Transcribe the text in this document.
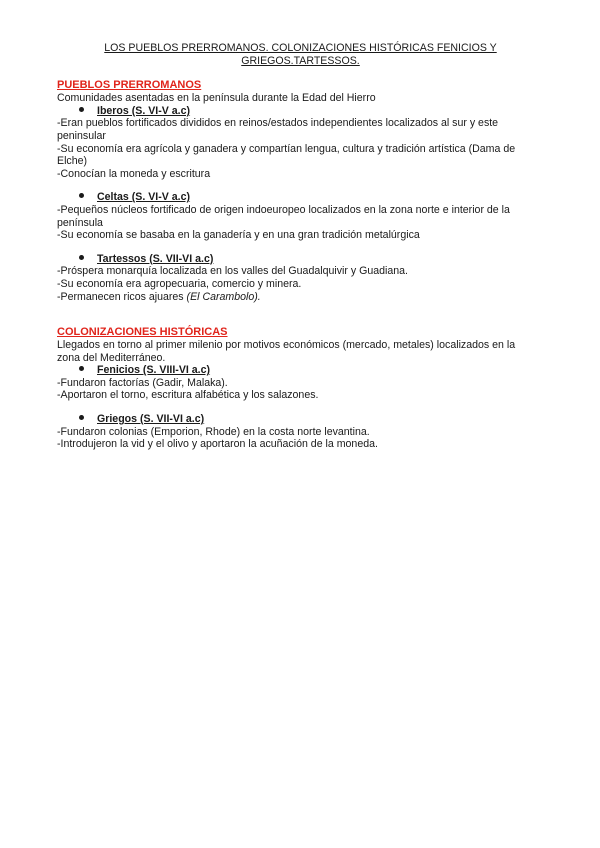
LOS PUEBLOS PRERROMANOS. COLONIZACIONES HISTÓRICAS FENICIOS Y
GRIEGOS.TARTESSOS.
PUEBLOS PRERROMANOS
Comunidades asentadas en la península durante la Edad del Hierro
Iberos (S. VI-V a.c)
-Eran pueblos fortificados divididos en reinos/estados independientes localizados al sur y este
peninsular
-Su economía era agrícola y ganadera y compartían lengua, cultura y tradición artística (Dama de
Elche)
-Conocían la moneda y escritura
Celtas (S. VI-V a.c)
-Pequeños núcleos fortificado de origen indoeuropeo localizados en la zona norte e interior de la
península
-Su economía se basaba en la ganadería y en una gran tradición metalúrgica
Tartessos (S. VII-VI a.c)
-Próspera monarquía localizada en los valles del Guadalquivir y Guadiana.
-Su economía era agropecuaria, comercio y minera.
-Permanecen ricos ajuares (El Carambolo).
COLONIZACIONES HISTÓRICAS
Llegados en torno al primer milenio por motivos económicos (mercado, metales) localizados en la
zona del Mediterráneo.
Fenicios (S. VIII-VI a.c)
-Fundaron factorías (Gadir, Malaka).
-Aportaron el torno, escritura alfabética y los salazones.
Griegos (S. VII-VI a.c)
-Fundaron colonias (Emporion, Rhode) en la costa norte levantina.
-Introdujeron la vid y el olivo y aportaron la acuñación de la moneda.
